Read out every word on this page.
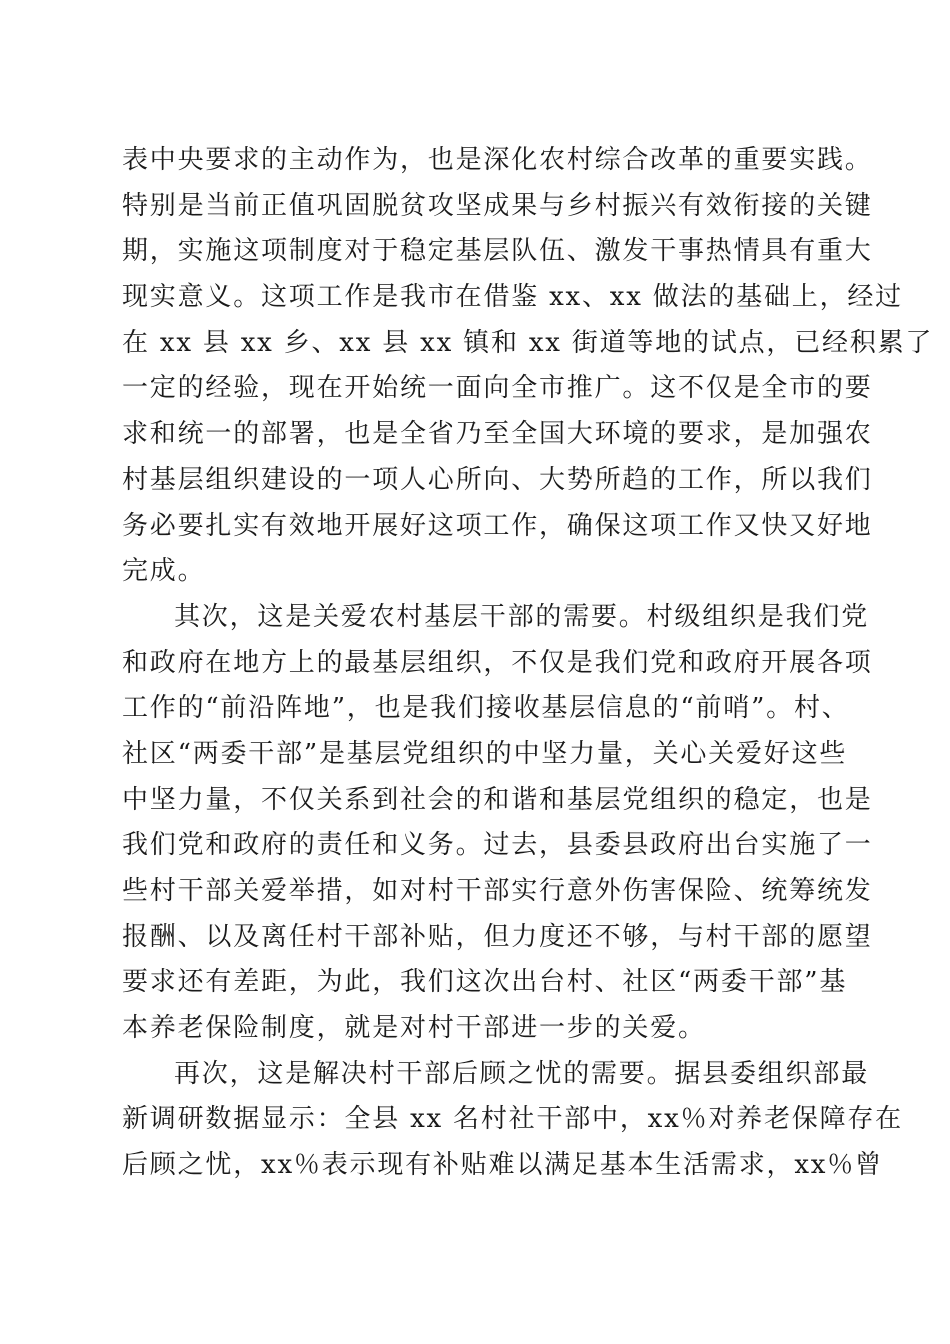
表中央要求的主动作为，也是深化农村综合改革的重要实践。
特别是当前正值巩固脱贫攻坚成果与乡村振兴有效衔接的关键
期，实施这项制度对于稳定基层队伍、激发干事热情具有重大
现实意义。这项工作是我市在借鉴 xx、xx 做法的基础上，经过
在 xx 县 xx 乡、xx 县 xx 镇和 xx 街道等地的试点，已经积累了
一定的经验，现在开始统一面向全市推广。这不仅是全市的要
求和统一的部署，也是全省乃至全国大环境的要求，是加强农
村基层组织建设的一项人心所向、大势所趋的工作，所以我们
务必要扎实有效地开展好这项工作，确保这项工作又快又好地
完成。
其次，这是关爱农村基层干部的需要。村级组织是我们党
和政府在地方上的最基层组织，不仅是我们党和政府开展各项
工作的“前沿阵地”，也是我们接收基层信息的“前哨”。村、
社区“两委干部”是基层党组织的中坚力量，关心关爱好这些
中坚力量，不仅关系到社会的和谐和基层党组织的稳定，也是
我们党和政府的责任和义务。过去，县委县政府出台实施了一
些村干部关爱举措，如对村干部实行意外伤害保险、统筹统发
报酬、以及离任村干部补贴，但力度还不够，与村干部的愿望
要求还有差距，为此，我们这次出台村、社区“两委干部”基
本养老保险制度，就是对村干部进一步的关爱。
再次，这是解决村干部后顾之忧的需要。据县委组织部最
新调研数据显示：全县 xx 名村社干部中，xx％对养老保障存在
后顾之忧，xx％表示现有补贴难以满足基本生活需求，xx％曾
